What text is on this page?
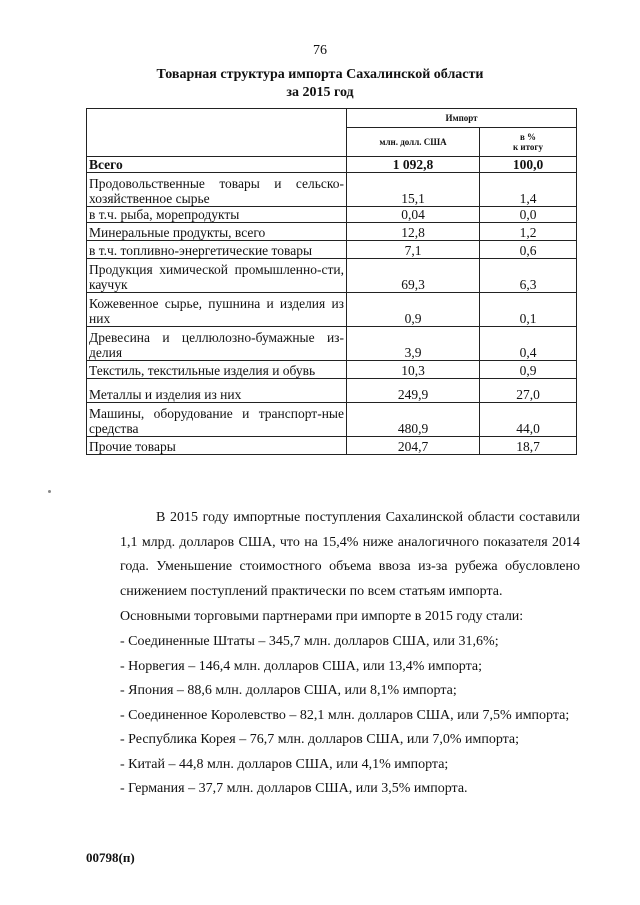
76
Товарная структура импорта Сахалинской области
за 2015 год
	Импорт	
	млн. долл. США	в %
к итогу

Всего	1 092,8	100,0
Продовольственные товары и сельско-хозяйственное сырье	15,1	1,4
в т.ч. рыба, морепродукты	0,04	0,0
Минеральные продукты, всего	12,8	1,2
в т.ч. топливно-энергетические товары	7,1	0,6
Продукция химической промышленно-сти, каучук	69,3	6,3
Кожевенное сырье, пушнина и изделия из них	0,9	0,1
Древесина и целлюлозно-бумажные из-делия	3,9	0,4
Текстиль, текстильные изделия и обувь	10,3	0,9
Металлы и изделия из них	249,9	27,0
Машины, оборудование и транспорт-ные средства	480,9	44,0
Прочие товары	204,7	18,7
В 2015 году импортные поступления Сахалинской области составили 1,1 млрд. долларов США, что на 15,4% ниже аналогичного показателя 2014 года. Уменьшение стоимостного объема ввоза из-за рубежа обусловлено снижением поступлений практически по всем статьям импорта.
Основными торговыми партнерами при импорте в 2015 году стали:
- Соединенные Штаты – 345,7 млн. долларов США, или 31,6%;
- Норвегия – 146,4 млн. долларов США, или 13,4% импорта;
- Япония – 88,6 млн. долларов США, или 8,1% импорта;
- Соединенное Королевство – 82,1 млн. долларов США, или 7,5% импорта;
- Республика Корея – 76,7 млн. долларов США, или 7,0% импорта;
- Китай – 44,8 млн. долларов США, или 4,1% импорта;
- Германия – 37,7 млн. долларов США, или 3,5% импорта.
00798(п)
